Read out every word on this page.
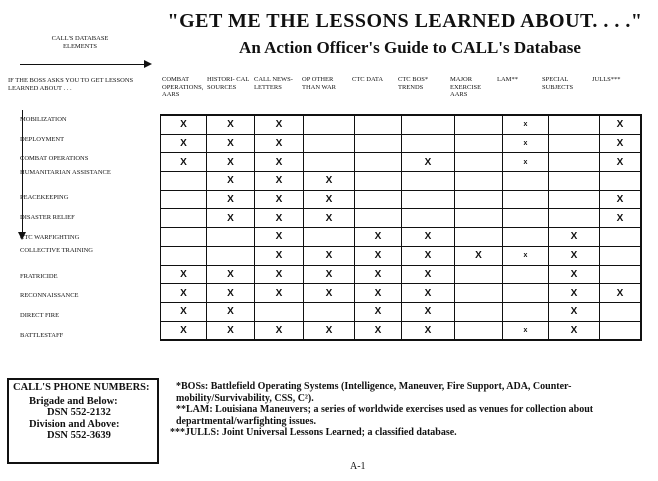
"GET ME THE LESSONS LEARNED ABOUT. . . ."
An Action Officer's Guide to CALL's Database
CALL'S DATABASE ELEMENTS
IF THE BOSS ASKS YOU TO GET LESSONS LEARNED ABOUT . . .
COMBAT OPERATIONS, AARS
HISTORI- CAL SOURCES
CALL NEWS- LETTERS
OP OTHER THAN WAR
CTC DATA	CTC BOS* TRENDS
MAJOR EXERCISE AARS
LAM**	SPECIAL SUBJECTS
JULLS***
MOBILIZATION
DEPLOYMENT
COMBAT OPERATIONS
HUMANITARIAN ASSISTANCE
PEACEKEEPING
DISASTER RELIEF
CTC WARFIGHTING
COLLECTIVE TRAINING
FRATRICIDE
RECONNAISSANCE
DIRECT FIRE
BATTLESTAFF
X	X	X					x		X
X	X	X					x		X
X	X	X			X		x		X
	X	X	X						
	X	X	X						X
	X	X	X						X
		X		X	X			X	
		X	X	X	X	X	x	X	
X	X	X	X	X	X			X	
X	X	X	X	X	X			X	X
X	X			X	X			X	
X	X	X	X	X	X		x	X	
CALL'S PHONE NUMBERS:
Brigade and Below:
DSN 552-2132
Division and Above:
DSN 552-3639

*BOSs: Battlefield Operating Systems (Intelligence, Maneuver, Fire Support, ADA, Counter-mobility/Survivability, CSS, C²).

**LAM: Louisiana Maneuvers; a series of worldwide exercises used as venues for collection about departmental/warfighting issues.

***JULLS: Joint Universal Lessons Learned; a classified database.

A-1
